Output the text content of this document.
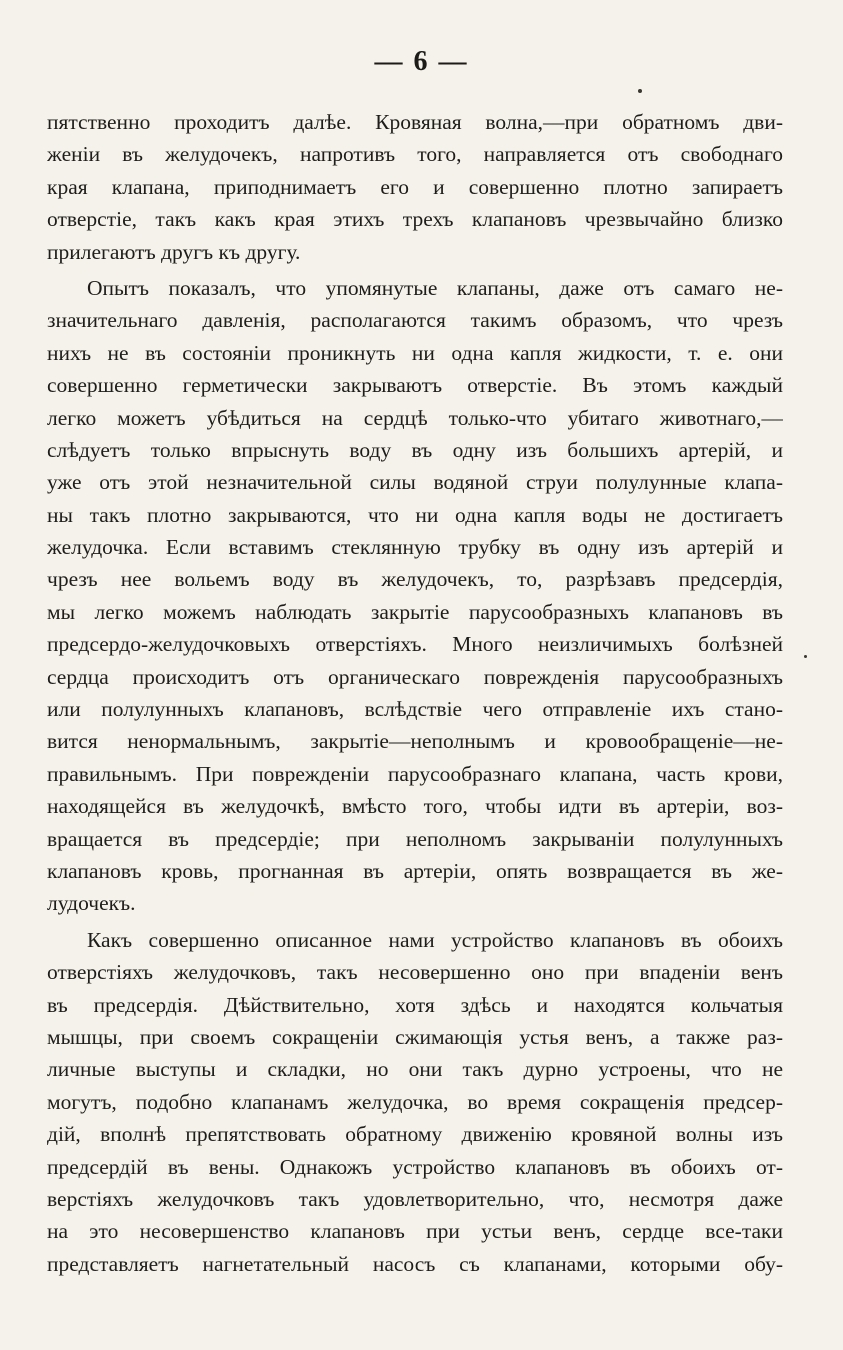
— 6 —
пятственно проходитъ далѣе. Кровяная волна,—при обратномъ дви-
женіи въ желудочекъ, напротивъ того, направляется отъ свободнаго
края клапана, приподнимаетъ его и совершенно плотно запираетъ
отверстіе, такъ какъ края этихъ трехъ клапановъ чрезвычайно близко
прилегаютъ другъ къ другу.
Опытъ показалъ, что упомянутые клапаны, даже отъ самаго не-
значительнаго давленія, располагаются такимъ образомъ, что чрезъ
нихъ не въ состояніи проникнуть ни одна капля жидкости, т. е. они
совершенно герметически закрываютъ отверстіе. Въ этомъ каждый
легко можетъ убѣдиться на сердцѣ только-что убитаго животнаго,—
слѣдуетъ только впрыснуть воду въ одну изъ большихъ артерій, и
уже отъ этой незначительной силы водяной струи полулунные клапа-
ны такъ плотно закрываются, что ни одна капля воды не достигаетъ
желудочка. Если вставимъ стеклянную трубку въ одну изъ артерій и
чрезъ нее вольемъ воду въ желудочекъ, то, разрѣзавъ предсердія,
мы легко можемъ наблюдать закрытіе парусообразныхъ клапановъ въ
предсердо-желудочковыхъ отверстіяхъ. Много неизличимыхъ болѣзней
сердца происходитъ отъ органическаго поврежденія парусообразныхъ
или полулунныхъ клапановъ, вслѣдствіе чего отправленіе ихъ стано-
вится ненормальнымъ, закрытіе—неполнымъ и кровообращеніе—не-
правильнымъ. При поврежденіи парусообразнаго клапана, часть крови,
находящейся въ желудочкѣ, вмѣсто того, чтобы идти въ артеріи, воз-
вращается въ предсердіе; при неполномъ закрываніи полулунныхъ
клапановъ кровь, прогнанная въ артеріи, опять возвращается въ же-
лудочекъ.
Какъ совершенно описанное нами устройство клапановъ въ обоихъ
отверстіяхъ желудочковъ, такъ несовершенно оно при впаденіи венъ
въ предсердія. Дѣйствительно, хотя здѣсь и находятся кольчатыя
мышцы, при своемъ сокращеніи сжимающія устья венъ, а также раз-
личные выступы и складки, но они такъ дурно устроены, что не
могутъ, подобно клапанамъ желудочка, во время сокращенія предсер-
дій, вполнѣ препятствовать обратному движенію кровяной волны изъ
предсердій въ вены. Однакожъ устройство клапановъ въ обоихъ от-
верстіяхъ желудочковъ такъ удовлетворительно, что, несмотря даже
на это несовершенство клапановъ при устьи венъ, сердце все-таки
представляетъ нагнетательный насосъ съ клапанами, которыми обу-
